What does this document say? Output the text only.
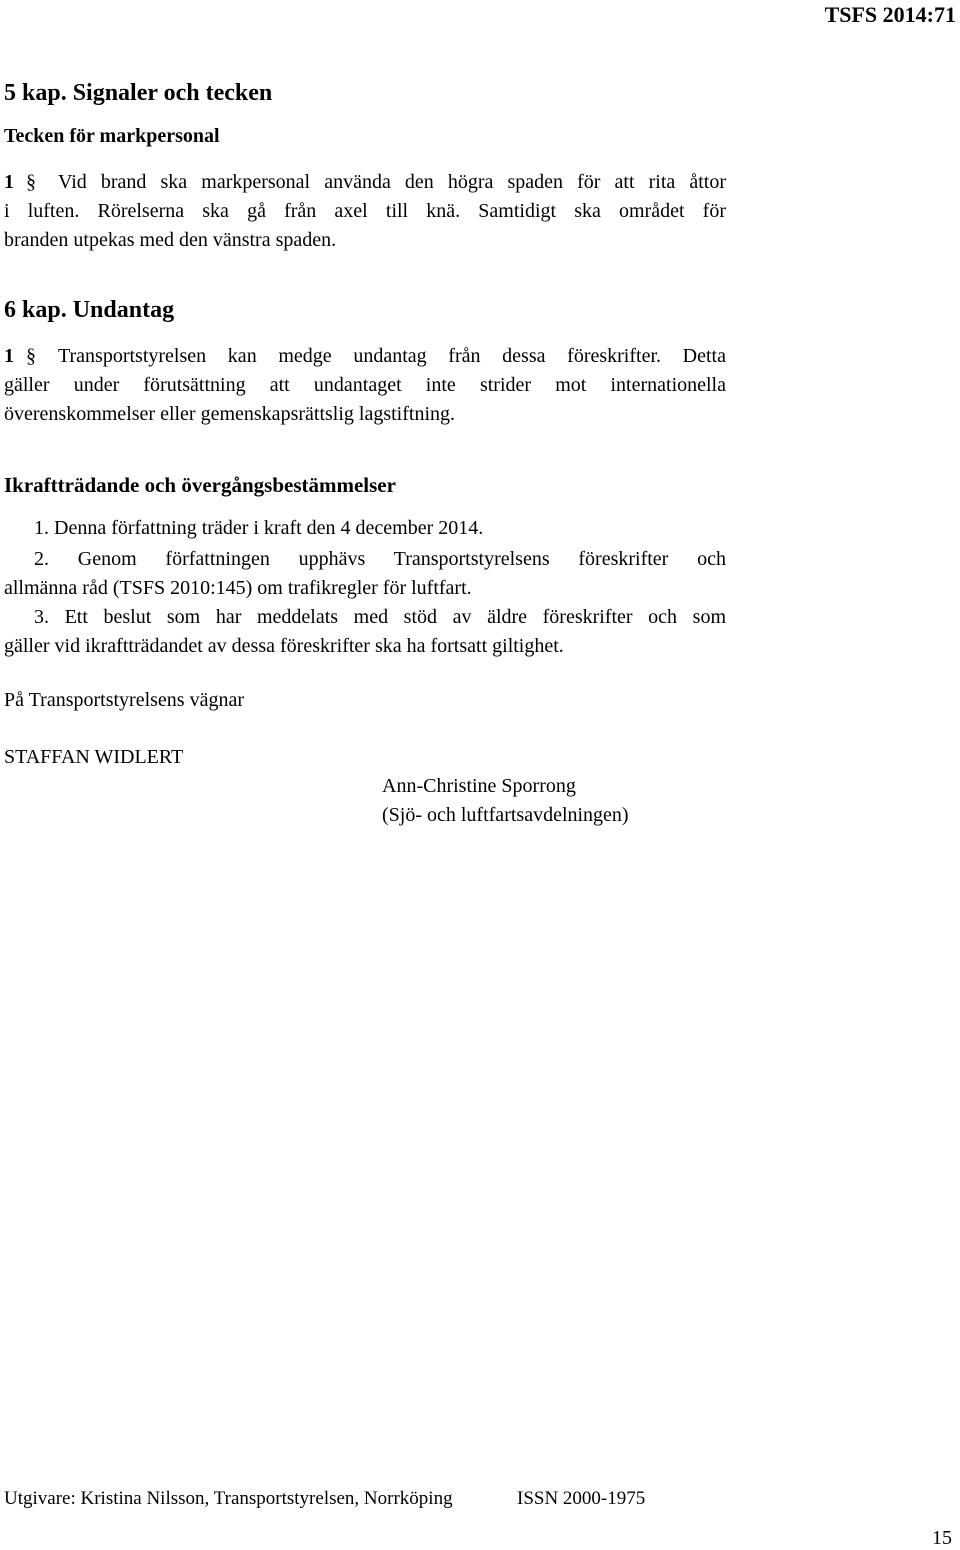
TSFS 2014:71
5 kap. Signaler och tecken
Tecken för markpersonal
1 § Vid brand ska markpersonal använda den högra spaden för att rita åttor
i luften. Rörelserna ska gå från axel till knä. Samtidigt ska området för
branden utpekas med den vänstra spaden.
6 kap. Undantag
1 § Transportstyrelsen kan medge undantag från dessa föreskrifter. Detta
gäller under förutsättning att undantaget inte strider mot internationella
överenskommelser eller gemenskapsrättslig lagstiftning.
Ikraftträdande och övergångsbestämmelser
1. Denna författning träder i kraft den 4 december 2014.
2. Genom författningen upphävs Transportstyrelsens föreskrifter och
allmänna råd (TSFS 2010:145) om trafikregler för luftfart.
3. Ett beslut som har meddelats med stöd av äldre föreskrifter och som
gäller vid ikraftträdandet av dessa föreskrifter ska ha fortsatt giltighet.
På Transportstyrelsens vägnar
STAFFAN WIDLERT
Ann-Christine Sporrong
(Sjö- och luftfartsavdelningen)
Utgivare: Kristina Nilsson, Transportstyrelsen, Norrköping	ISSN 2000-1975
15
